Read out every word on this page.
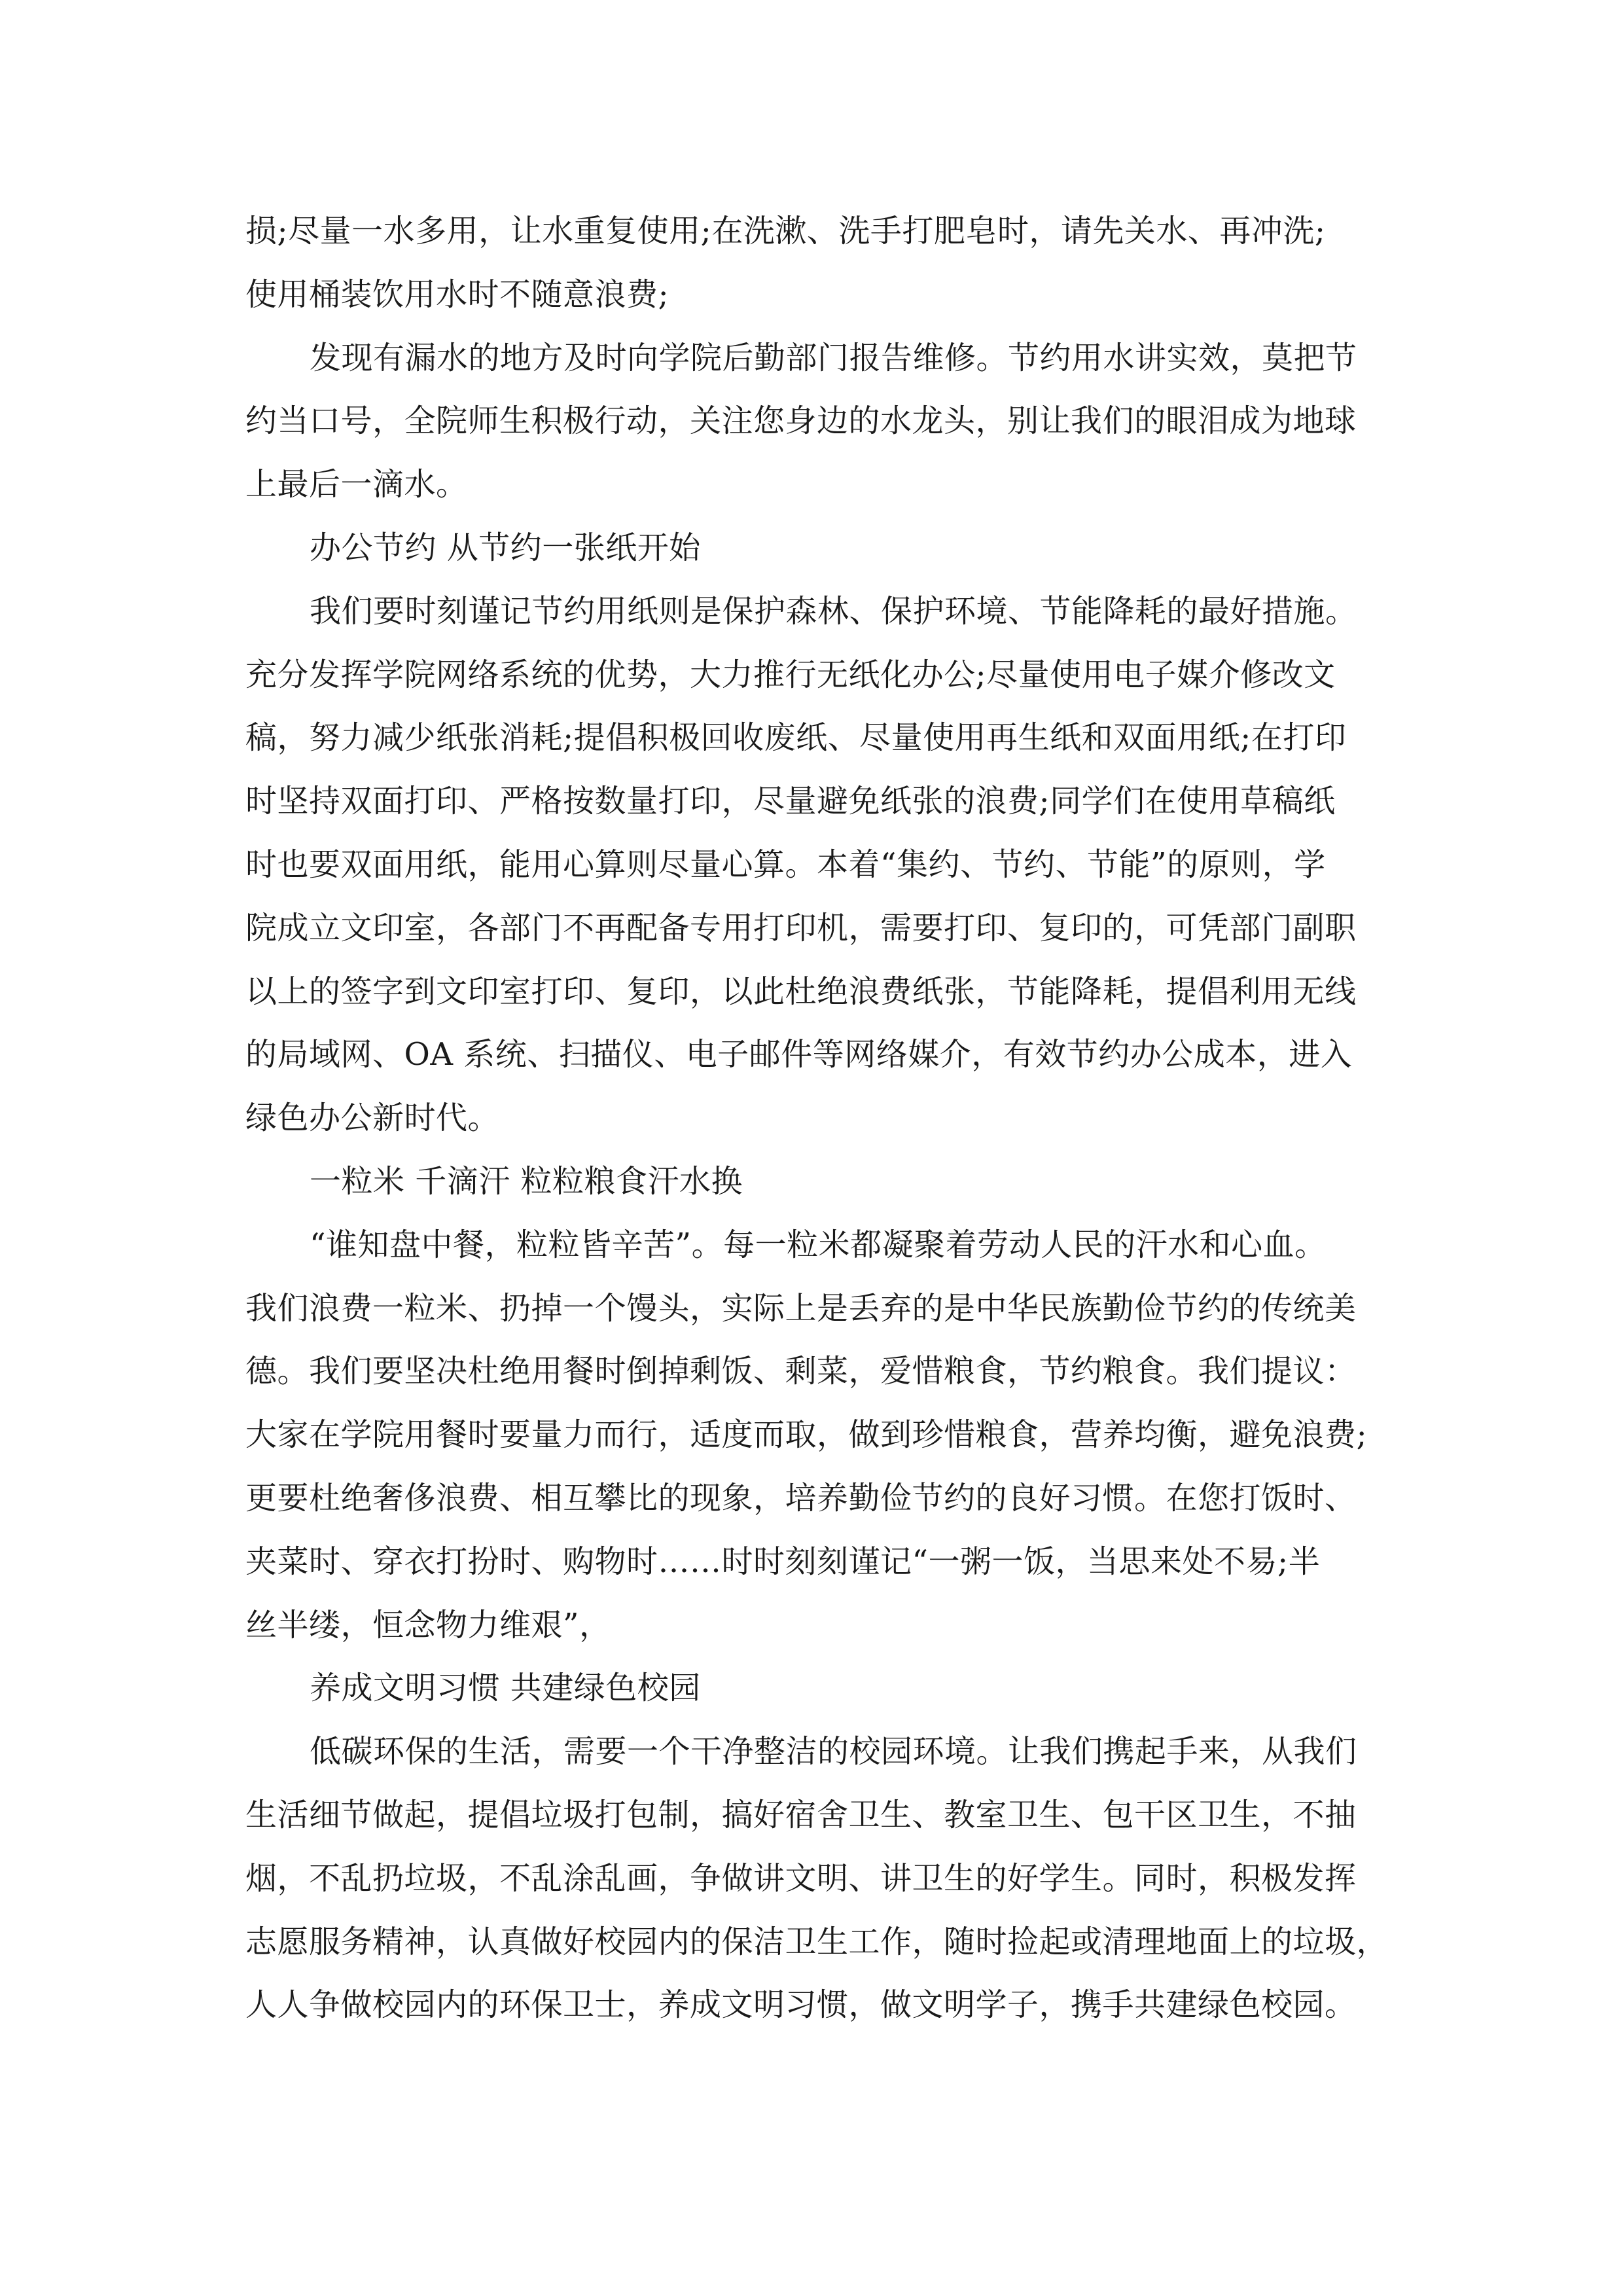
损;尽量一水多用，让水重复使用;在洗漱、洗手打肥皂时，请先关水、再冲洗;
使用桶装饮用水时不随意浪费;
发现有漏水的地方及时向学院后勤部门报告维修。节约用水讲实效，莫把节
约当口号，全院师生积极行动，关注您身边的水龙头，别让我们的眼泪成为地球
上最后一滴水。
办公节约 从节约一张纸开始
我们要时刻谨记节约用纸则是保护森林、保护环境、节能降耗的最好措施。
充分发挥学院网络系统的优势，大力推行无纸化办公;尽量使用电子媒介修改文
稿，努力减少纸张消耗;提倡积极回收废纸、尽量使用再生纸和双面用纸;在打印
时坚持双面打印、严格按数量打印，尽量避免纸张的浪费;同学们在使用草稿纸
时也要双面用纸，能用心算则尽量心算。本着“集约、节约、节能”的原则，学
院成立文印室，各部门不再配备专用打印机，需要打印、复印的，可凭部门副职
以上的签字到文印室打印、复印，以此杜绝浪费纸张，节能降耗，提倡利用无线
的局域网、OA 系统、扫描仪、电子邮件等网络媒介，有效节约办公成本，进入
绿色办公新时代。
一粒米 千滴汗 粒粒粮食汗水换
“谁知盘中餐，粒粒皆辛苦”。每一粒米都凝聚着劳动人民的汗水和心血。
我们浪费一粒米、扔掉一个馒头，实际上是丢弃的是中华民族勤俭节约的传统美
德。我们要坚决杜绝用餐时倒掉剩饭、剩菜，爱惜粮食，节约粮食。我们提议：
大家在学院用餐时要量力而行，适度而取，做到珍惜粮食，营养均衡，避免浪费;
更要杜绝奢侈浪费、相互攀比的现象，培养勤俭节约的良好习惯。在您打饭时、
夹菜时、穿衣打扮时、购物时……时时刻刻谨记“一粥一饭，当思来处不易;半
丝半缕，恒念物力维艰”，
养成文明习惯 共建绿色校园
低碳环保的生活，需要一个干净整洁的校园环境。让我们携起手来，从我们
生活细节做起，提倡垃圾打包制，搞好宿舍卫生、教室卫生、包干区卫生，不抽
烟，不乱扔垃圾，不乱涂乱画，争做讲文明、讲卫生的好学生。同时，积极发挥
志愿服务精神，认真做好校园内的保洁卫生工作，随时捡起或清理地面上的垃圾，
人人争做校园内的环保卫士，养成文明习惯，做文明学子，携手共建绿色校园。
